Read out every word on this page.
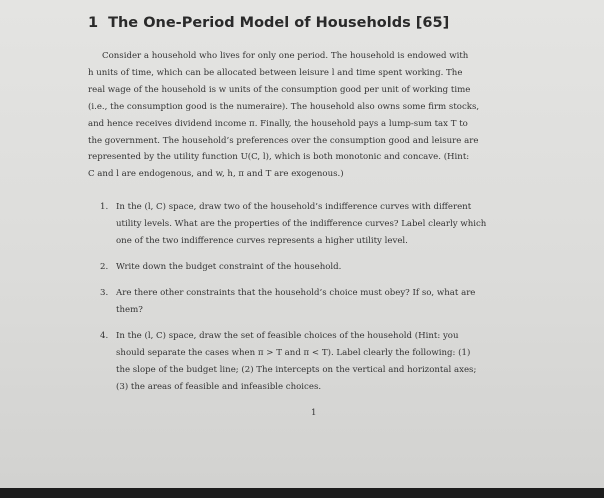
1 The One-Period Model of Households [65]
Consider a household who lives for only one period. The household is endowed with
h units of time, which can be allocated between leisure l and time spent working. The
real wage of the household is w units of the consumption good per unit of working time
(i.e., the consumption good is the numeraire). The household also owns some firm stocks,
and hence receives dividend income π. Finally, the household pays a lump-sum tax T to
the government. The household’s preferences over the consumption good and leisure are
represented by the utility function U(C, l), which is both monotonic and concave. (Hint:
C and l are endogenous, and w, h, π and T are exogenous.)
1. In the (l, C) space, draw two of the household’s indifference curves with different
utility levels. What are the properties of the indifference curves? Label clearly which
one of the two indifference curves represents a higher utility level.
2. Write down the budget constraint of the household.
3. Are there other constraints that the household’s choice must obey? If so, what are
them?
4. In the (l, C) space, draw the set of feasible choices of the household (Hint: you
should separate the cases when π > T and π < T). Label clearly the following: (1)
the slope of the budget line; (2) The intercepts on the vertical and horizontal axes;
(3) the areas of feasible and infeasible choices.
1
